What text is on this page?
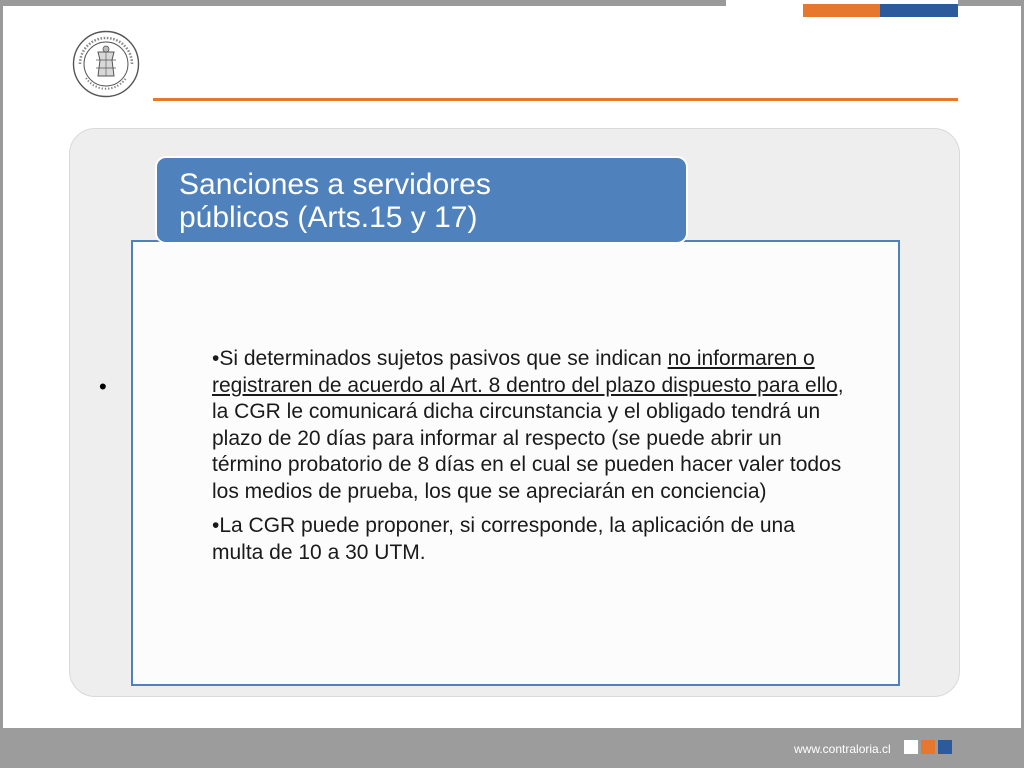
•
Sanciones a servidores
públicos (Arts.15 y 17)

•Si determinados sujetos pasivos que se indican no informaren o registraren de acuerdo al Art. 8 dentro del plazo dispuesto para ello, la CGR le comunicará dicha circunstancia y el obligado tendrá un plazo de 20 días para informar al respecto (se puede abrir un término probatorio de 8 días en el cual se pueden hacer valer todos los medios de prueba, los que se apreciarán en conciencia)

•La CGR puede proponer, si corresponde, la aplicación de una multa de 10 a 30 UTM.

www.contraloria.cl
